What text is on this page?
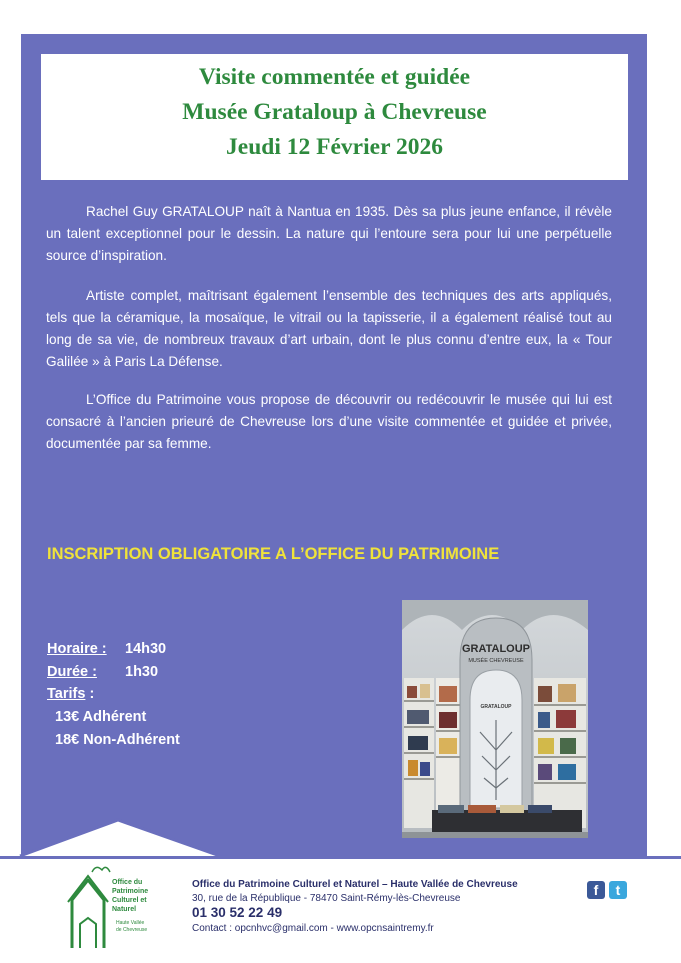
Visite commentée et guidée
Musée Grataloup à Chevreuse
Jeudi 12 Février 2026

Rachel Guy GRATALOUP naît à Nantua en 1935. Dès sa plus jeune enfance, il révèle un talent exceptionnel pour le dessin. La nature qui l’entoure sera pour lui une perpétuelle source d’inspiration.

Artiste complet, maîtrisant également l’ensemble des techniques des arts appliqués, tels que la céramique, la mosaïque, le vitrail ou la tapisserie, il a également réalisé tout au long de sa vie, de nombreux travaux d’art urbain, dont le plus connu d’entre eux, la « Tour Galilée » à Paris La Défense.

L’Office du Patrimoine vous propose de découvrir ou redécouvrir le musée qui lui est consacré à l’ancien prieuré de Chevreuse lors d’une visite commentée et guidée et privée, documentée par sa femme.

INSCRIPTION OBLIGATOIRE A L’OFFICE DU PATRIMOINE
Horaire : 14h30
Durée : 1h30
Tarifs :
13€ Adhérent
18€ Non-Adhérent
GRATALOUP
MUSÉE CHEVREUSE
GRATALOUP
Office du
Patrimoine
Culturel et
Naturel
Haute Vallée
de Chevreuse
Office du Patrimoine Culturel et Naturel – Haute Vallée de Chevreuse
30, rue de la République - 78470 Saint-Rémy-lès-Chevreuse
01 30 52 22 49
Contact : opcnhvc@gmail.com - www.opcnsaintremy.fr
f	t
